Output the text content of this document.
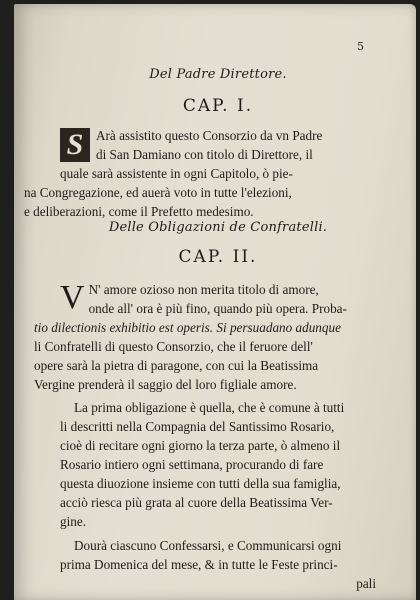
5
Del Padre Direttore.
CAP. I.
S Arà assistito questo Consorzio da vn Padre
di San Damiano con titolo di Direttore, il
quale sarà assistente in ogni Capitolo, ò pie-
na Congregazione, ed auerà voto in tutte l'elezioni,
e deliberazioni, come il Prefetto medesimo.
Delle Obligazioni de Confratelli.
CAP. II.
V N' amore ozioso non merita titolo di amore,
onde all' ora è più fino, quando più opera. Proba-
tio dilectionis exhibitio est operis. Si persuadano adunque
li Confratelli di questo Consorzio, che il feruore dell'
opere sarà la pietra di paragone, con cui la Beatissima
Vergine prenderà il saggio del loro figliale amore.
La prima obligazione è quella, che è comune à tutti
li descritti nella Compagnia del Santissimo Rosario,
cioè di recitare ogni giorno la terza parte, ò almeno il
Rosario intiero ogni settimana, procurando di fare
questa diuozione insieme con tutti della sua famiglia,
acciò riesca più grata al cuore della Beatissima Ver-
gine.
Dourà ciascuno Confessarsi, e Communicarsi ogni
prima Domenica del mese, & in tutte le Feste princi-
pali
